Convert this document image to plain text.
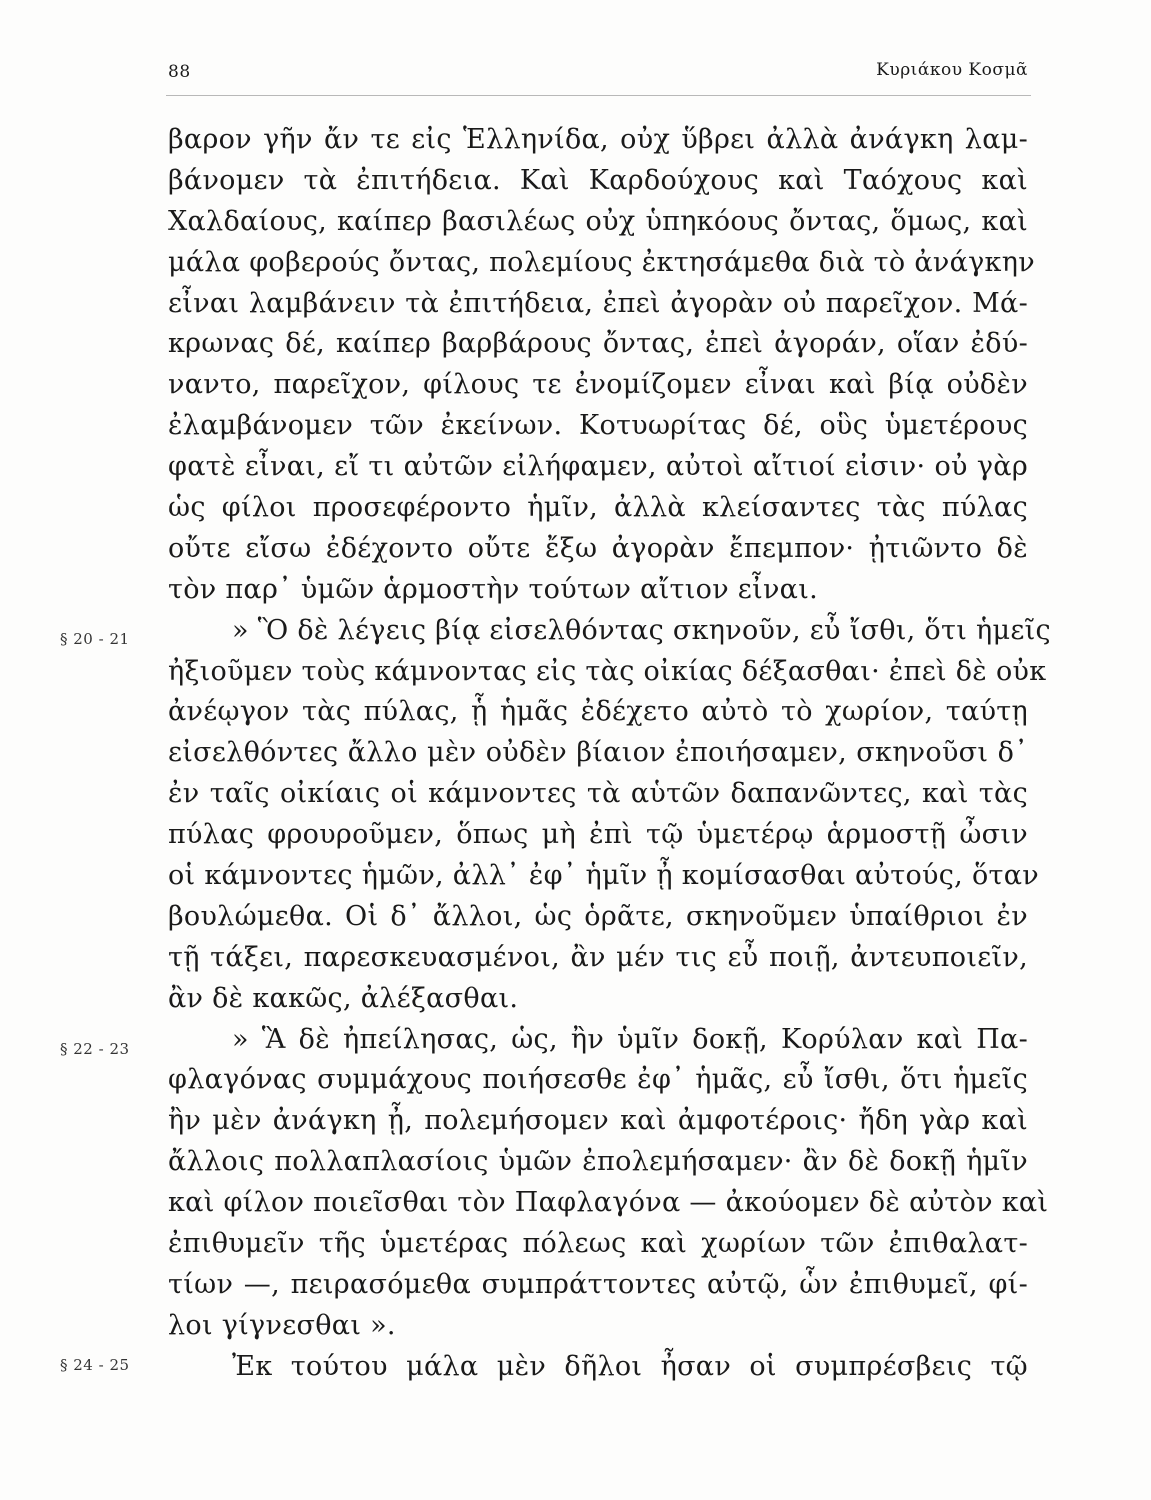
88	Κυριάκου Κοσμᾶ
§ 20 - 21
§ 22 - 23
§ 24 - 25
βαρον γῆν ἄν τε εἰς Ἑλληνίδα, οὐχ ὕβρει ἀλλὰ ἀνάγκη λαμ-
βάνομεν τὰ ἐπιτήδεια. Καὶ Καρδούχους καὶ Ταόχους καὶ
Χαλδαίους, καίπερ βασιλέως οὐχ ὑπηκόους ὄντας, ὅμως, καὶ
μάλα φοβερούς ὄντας, πολεμίους ἐκτησάμεθα διὰ τὸ ἀνάγκην
εἶναι λαμβάνειν τὰ ἐπιτήδεια, ἐπεὶ ἀγορὰν οὐ παρεῖχον. Μά-
κρωνας δέ, καίπερ βαρβάρους ὄντας, ἐπεὶ ἀγοράν, οἵαν ἐδύ-
ναντο, παρεῖχον, φίλους τε ἐνομίζομεν εἶναι καὶ βίᾳ οὐδὲν
ἐλαμβάνομεν τῶν ἐκείνων. Κοτυωρίτας δέ, οὓς ὑμετέρους
φατὲ εἶναι, εἴ τι αὐτῶν εἰλήφαμεν, αὐτοὶ αἴτιοί εἰσιν· οὐ γὰρ
ὡς φίλοι προσεφέροντο ἡμῖν, ἀλλὰ κλείσαντες τὰς πύλας
οὔτε εἴσω ἐδέχοντο οὔτε ἔξω ἀγορὰν ἔπεμπον· ᾐτιῶντο δὲ
τὸν παρ᾽ ὑμῶν ἁρμοστὴν τούτων αἴτιον εἶναι.
» Ὃ δὲ λέγεις βίᾳ εἰσελθόντας σκηνοῦν, εὖ ἴσθι, ὅτι ἡμεῖς
ἠξιοῦμεν τοὺς κάμνοντας εἰς τὰς οἰκίας δέξασθαι· ἐπεὶ δὲ οὐκ
ἀνέῳγον τὰς πύλας, ᾗ ἡμᾶς ἐδέχετο αὐτὸ τὸ χωρίον, ταύτῃ
εἰσελθόντες ἄλλο μὲν οὐδὲν βίαιον ἐποιήσαμεν, σκηνοῦσι δ᾽
ἐν ταῖς οἰκίαις οἱ κάμνοντες τὰ αὑτῶν δαπανῶντες, καὶ τὰς
πύλας φρουροῦμεν, ὅπως μὴ ἐπὶ τῷ ὑμετέρῳ ἁρμοστῇ ὦσιν
οἱ κάμνοντες ἡμῶν, ἀλλ᾽ ἐφ᾽ ἡμῖν ᾖ κομίσασθαι αὐτούς, ὅταν
βουλώμεθα. Οἱ δ᾽ ἄλλοι, ὡς ὁρᾶτε, σκηνοῦμεν ὑπαίθριοι ἐν
τῇ τάξει, παρεσκευασμένοι, ἂν μέν τις εὖ ποιῇ, ἀντευποιεῖν,
ἂν δὲ κακῶς, ἀλέξασθαι.
» Ἃ δὲ ἠπείλησας, ὡς, ἢν ὑμῖν δοκῇ, Κορύλαν καὶ Πα-
φλαγόνας συμμάχους ποιήσεσθε ἐφ᾽ ἡμᾶς, εὖ ἴσθι, ὅτι ἡμεῖς
ἢν μὲν ἀνάγκη ᾖ, πολεμήσομεν καὶ ἀμφοτέροις· ἤδη γὰρ καὶ
ἄλλοις πολλαπλασίοις ὑμῶν ἐπολεμήσαμεν· ἂν δὲ δοκῇ ἡμῖν
καὶ φίλον ποιεῖσθαι τὸν Παφλαγόνα — ἀκούομεν δὲ αὐτὸν καὶ
ἐπιθυμεῖν τῆς ὑμετέρας πόλεως καὶ χωρίων τῶν ἐπιθαλατ-
τίων —, πειρασόμεθα συμπράττοντες αὐτῷ, ὧν ἐπιθυμεῖ, φί-
λοι γίγνεσθαι ».
Ἐκ τούτου μάλα μὲν δῆλοι ἦσαν οἱ συμπρέσβεις τῷ
